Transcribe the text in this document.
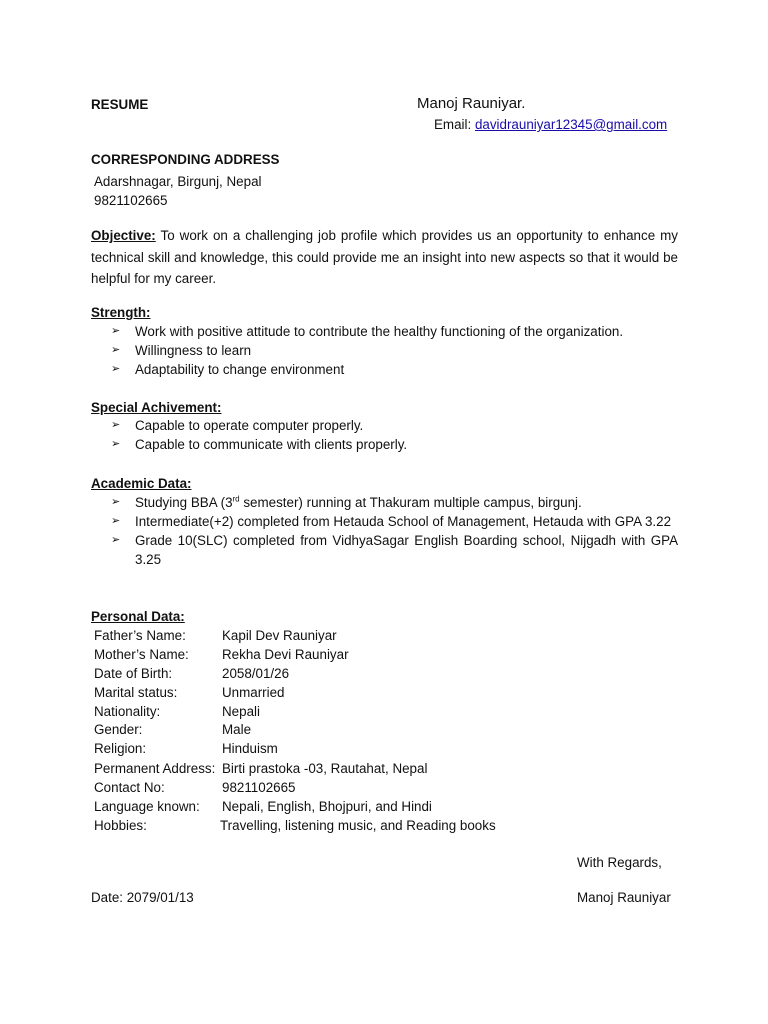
RESUME	Manoj Rauniyar.
Email: davidrauniyar12345@gmail.com
CORRESPONDING ADDRESS
Adarshnagar, Birgunj, Nepal
9821102665
Objective: To work on a challenging job profile which provides us an opportunity to enhance my technical skill and knowledge, this could provide me an insight into new aspects so that it would be helpful for my career.
Strength:
➢ Work with positive attitude to contribute the healthy functioning of the organization.
➢ Willingness to learn
➢ Adaptability to change environment
Special Achivement:
➢ Capable to operate computer properly.
➢ Capable to communicate with clients properly.
Academic Data:
➢ Studying BBA (3rd semester) running at Thakuram multiple campus, birgunj.
➢ Intermediate(+2) completed from Hetauda School of Management, Hetauda with GPA 3.22
➢ Grade 10(SLC) completed from VidhyaSagar English Boarding school, Nijgadh with GPA 3.25
Personal Data:
Father’s Name:	Kapil Dev Rauniyar
Mother’s Name: Rekha Devi Rauniyar
Date of Birth:	2058/01/26
Marital status:	Unmarried
Nationality:	Nepali
Gender:	Male
Religion:	Hinduism
Permanent Address: Birti prastoka -03, Rautahat, Nepal
Contact No:	9821102665
Language known: Nepali, English, Bhojpuri, and Hindi
Hobbies:	Travelling, listening music, and Reading books
With Regards,
Date: 2079/01/13	Manoj Rauniyar
